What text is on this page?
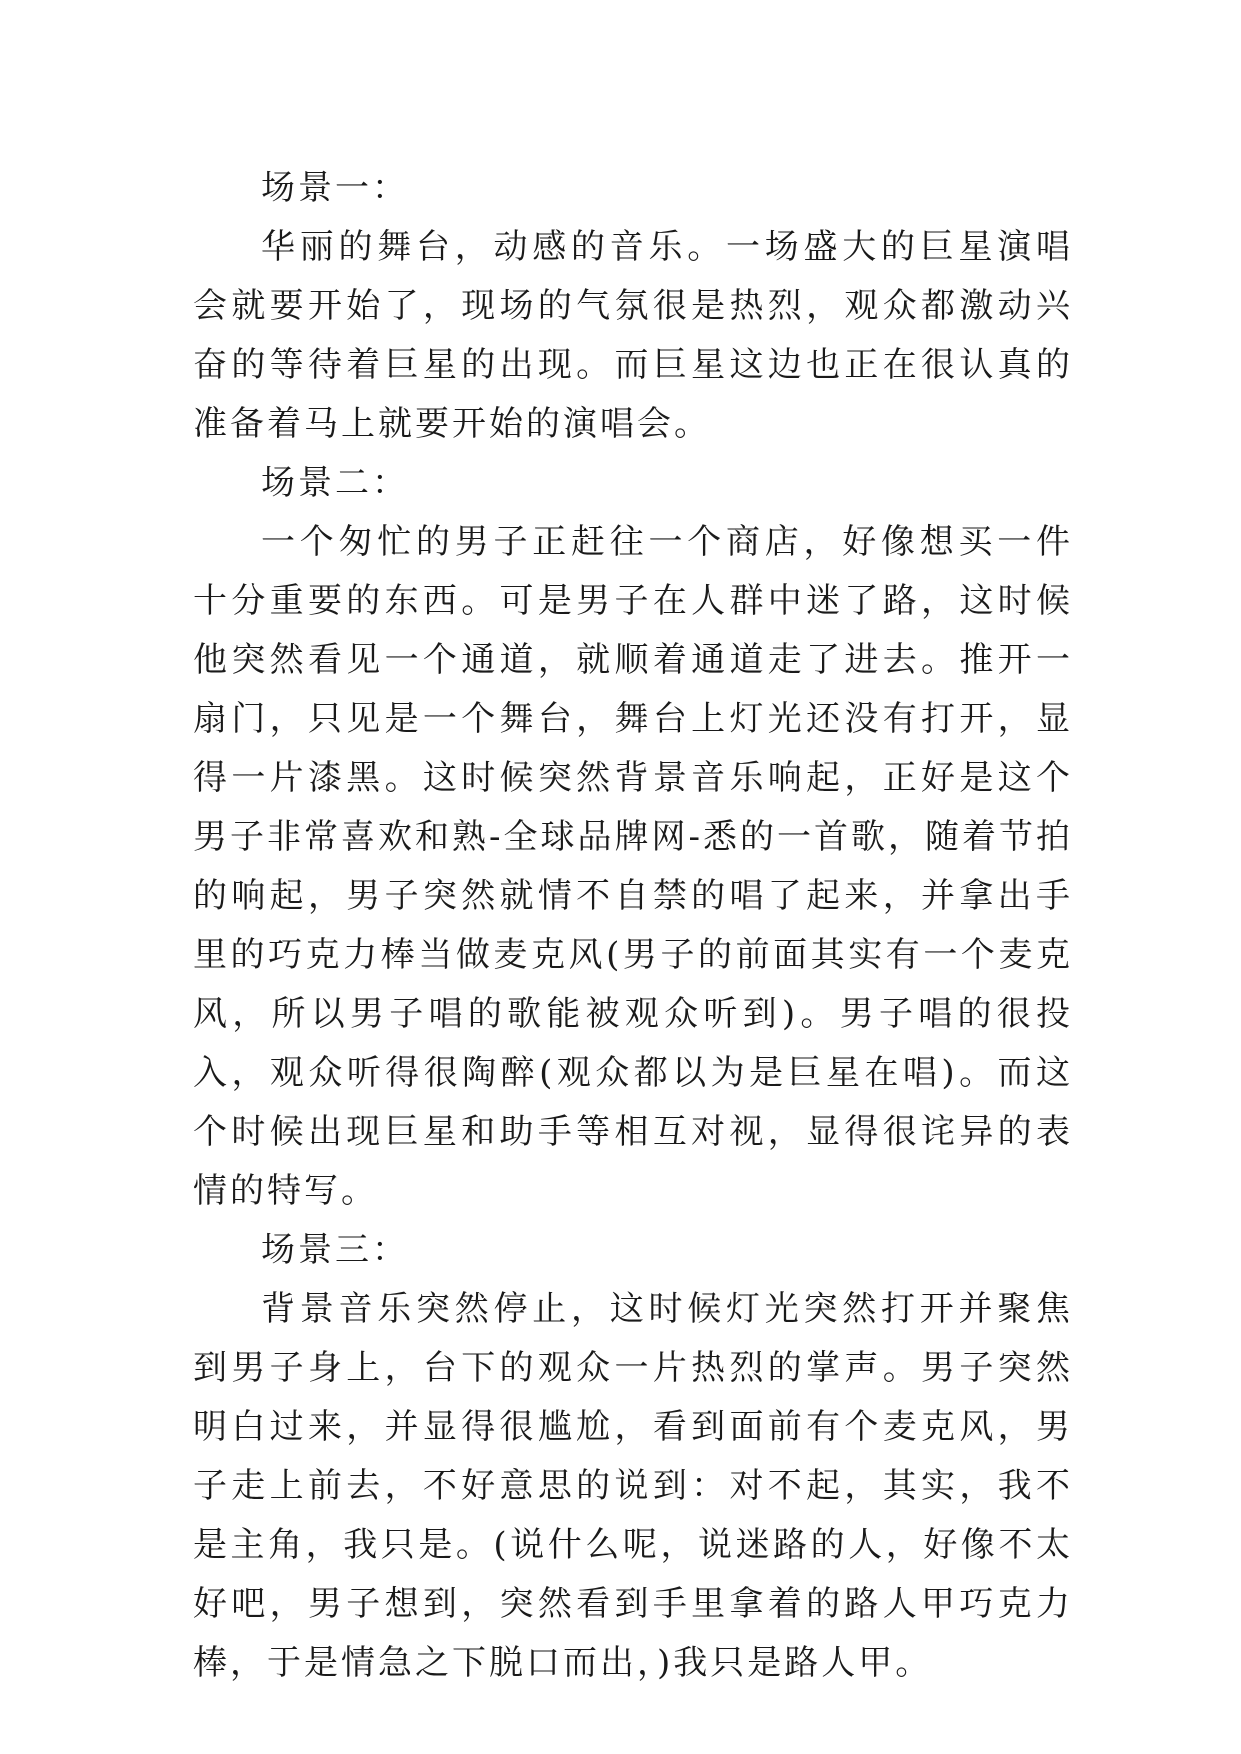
场景一：

华丽的舞台，动感的音乐。一场盛大的巨星演唱会就要开始了，现场的气氛很是热烈，观众都激动兴奋的等待着巨星的出现。而巨星这边也正在很认真的准备着马上就要开始的演唱会。

场景二：

一个匆忙的男子正赶往一个商店，好像想买一件十分重要的东西。可是男子在人群中迷了路，这时候他突然看见一个通道，就顺着通道走了进去。推开一扇门，只见是一个舞台，舞台上灯光还没有打开，显得一片漆黑。这时候突然背景音乐响起，正好是这个男子非常喜欢和熟-全球品牌网-悉的一首歌，随着节拍的响起，男子突然就情不自禁的唱了起来，并拿出手里的巧克力棒当做麦克风(男子的前面其实有一个麦克风，所以男子唱的歌能被观众听到)。男子唱的很投入，观众听得很陶醉(观众都以为是巨星在唱)。而这个时候出现巨星和助手等相互对视，显得很诧异的表情的特写。

场景三：

背景音乐突然停止，这时候灯光突然打开并聚焦到男子身上，台下的观众一片热烈的掌声。男子突然明白过来，并显得很尴尬，看到面前有个麦克风，男子走上前去，不好意思的说到：对不起，其实，我不是主角，我只是。(说什么呢，说迷路的人，好像不太好吧，男子想到，突然看到手里拿着的路人甲巧克力棒，于是情急之下脱口而出，)我只是路人甲。
